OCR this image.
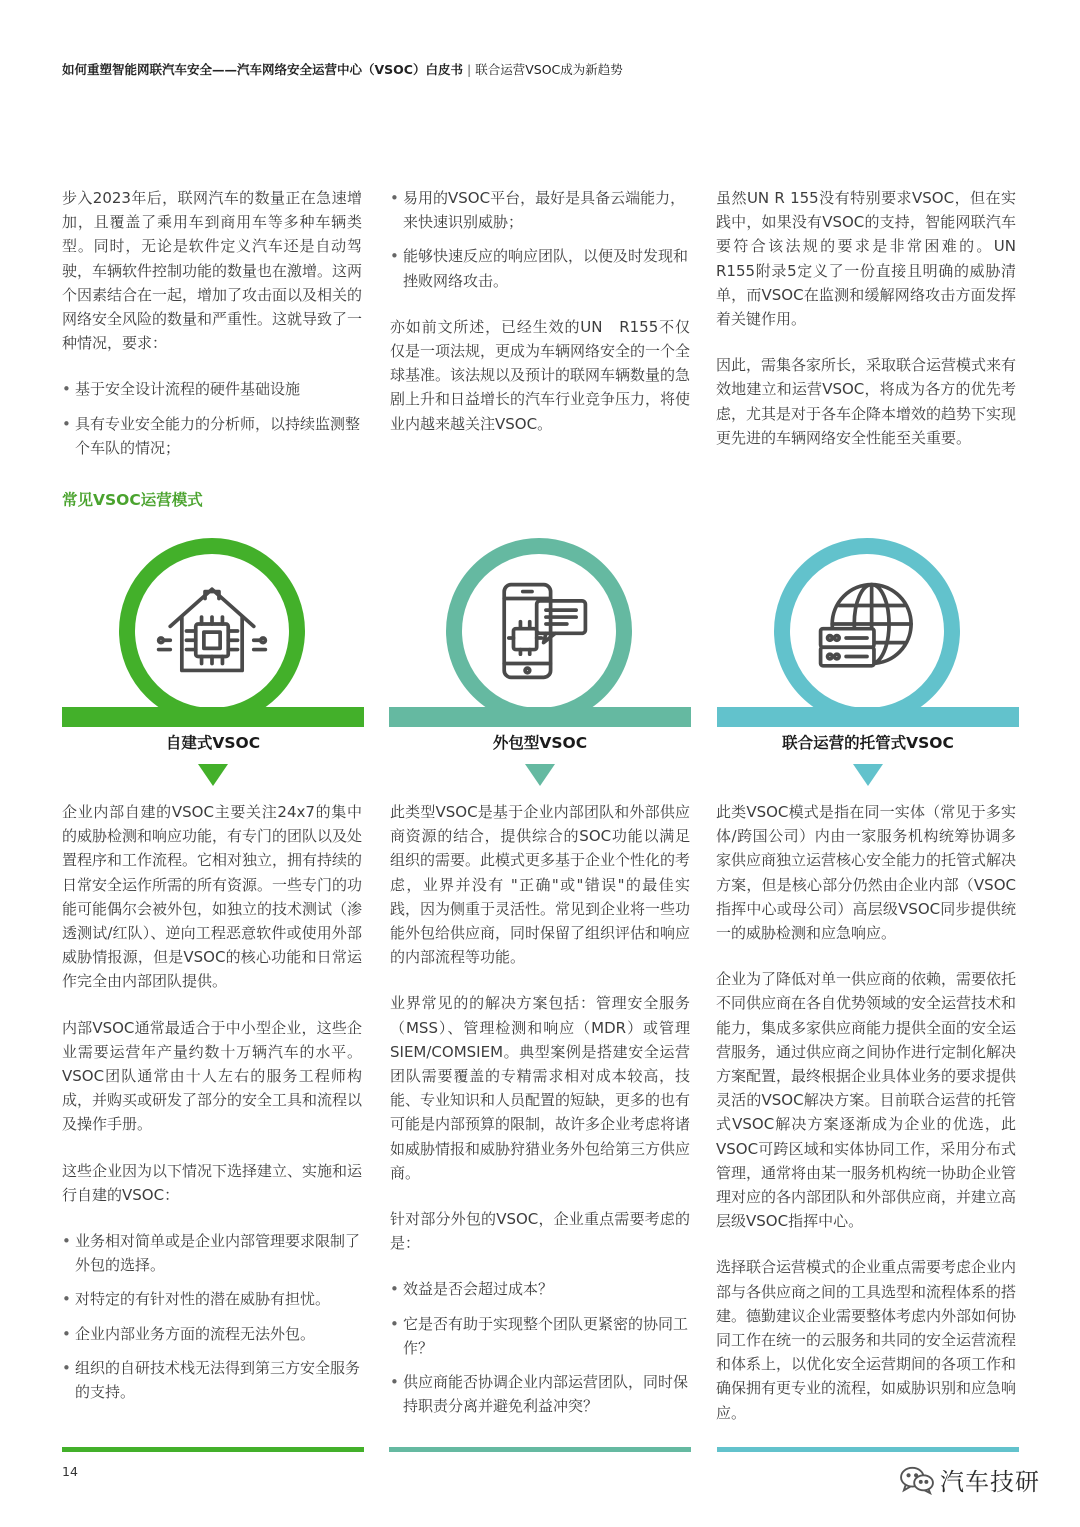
如何重塑智能网联汽车安全——汽车网络安全运营中心（VSOC）白皮书 | 联合运营VSOC成为新趋势

步入2023年后，联网汽车的数量正在急速增加，且覆盖了乘用车到商用车等多种车辆类型。同时，无论是软件定义汽车还是自动驾驶，车辆软件控制功能的数量也在激增。这两个因素结合在一起，增加了攻击面以及相关的网络安全风险的数量和严重性。这就导致了一种情况，要求：

• 基于安全设计流程的硬件基础设施
• 具有专业安全能力的分析师，以持续监测整个车队的情况；
• 易用的VSOC平台，最好是具备云端能力，来快速识别威胁；
• 能够快速反应的响应团队，以便及时发现和挫败网络攻击。

亦如前文所述，已经生效的UN　R155不仅仅是一项法规，更成为车辆网络安全的一个全球基准。该法规以及预计的联网车辆数量的急剧上升和日益增长的汽车行业竞争压力，将使业内越来越关注VSOC。

虽然UN R 155没有特别要求VSOC，但在实践中，如果没有VSOC的支持，智能网联汽车要符合该法规的要求是非常困难的。UN　R155附录5定义了一份直接且明确的威胁清单，而VSOC在监测和缓解网络攻击方面发挥着关键作用。

因此，需集各家所长，采取联合运营模式来有效地建立和运营VSOC，将成为各方的优先考虑，尤其是对于各车企降本增效的趋势下实现更先进的车辆网络安全性能至关重要。

常见VSOC运营模式
自建式VSOC	外包型VSOC	联合运营的托管式VSOC

企业内部自建的VSOC主要关注24x7的集中的威胁检测和响应功能，有专门的团队以及处置程序和工作流程。它相对独立，拥有持续的日常安全运作所需的所有资源。一些专门的功能可能偶尔会被外包，如独立的技术测试（渗透测试/红队）、逆向工程恶意软件或使用外部威胁情报源，但是VSOC的核心功能和日常运作完全由内部团队提供。

内部VSOC通常最适合于中小型企业，这些企业需要运营年产量约数十万辆汽车的水平。VSOC团队通常由十人左右的服务工程师构成，并购买或研发了部分的安全工具和流程以及操作手册。

这些企业因为以下情况下选择建立、实施和运行自建的VSOC：

• 业务相对简单或是企业内部管理要求限制了外包的选择。
• 对特定的有针对性的潜在威胁有担忧。
• 企业内部业务方面的流程无法外包。
• 组织的自研技术栈无法得到第三方安全服务的支持。

此类型VSOC是基于企业内部团队和外部供应商资源的结合，提供综合的SOC功能以满足组织的需要。此模式更多基于企业个性化的考虑，业界并没有 "正确"或"错误"的最佳实践，因为侧重于灵活性。常见到企业将一些功能外包给供应商，同时保留了组织评估和响应的内部流程等功能。

业界常见的的解决方案包括：管理安全服务（MSS）、管理检测和响应（MDR）或管理SIEM/COMSIEM。典型案例是搭建安全运营团队需要覆盖的专精需求相对成本较高，技能、专业知识和人员配置的短缺，更多的也有可能是内部预算的限制，故许多企业考虑将诸如威胁情报和威胁狩猎业务外包给第三方供应商。

针对部分外包的VSOC，企业重点需要考虑的是：

• 效益是否会超过成本？
• 它是否有助于实现整个团队更紧密的协同工作？
• 供应商能否协调企业内部运营团队，同时保持职责分离并避免利益冲突？

此类VSOC模式是指在同一实体（常见于多实体/跨国公司）内由一家服务机构统筹协调多家供应商独立运营核心安全能力的托管式解决方案，但是核心部分仍然由企业内部（VSOC指挥中心或母公司）高层级VSOC同步提供统一的威胁检测和应急响应。

企业为了降低对单一供应商的依赖，需要依托不同供应商在各自优势领域的安全运营技术和能力，集成多家供应商能力提供全面的安全运营服务，通过供应商之间协作进行定制化解决方案配置，最终根据企业具体业务的要求提供灵活的VSOC解决方案。目前联合运营的托管式VSOC解决方案逐渐成为企业的优选，此VSOC可跨区域和实体协同工作，采用分布式管理，通常将由某一服务机构统一协助企业管理对应的各内部团队和外部供应商，并建立高层级VSOC指挥中心。

选择联合运营模式的企业重点需要考虑企业内部与各供应商之间的工具选型和流程体系的搭建。德勤建议企业需要整体考虑内外部如何协同工作在统一的云服务和共同的安全运营流程和体系上，以优化安全运营期间的各项工作和确保拥有更专业的流程，如威胁识别和应急响应。

14	汽车技研
